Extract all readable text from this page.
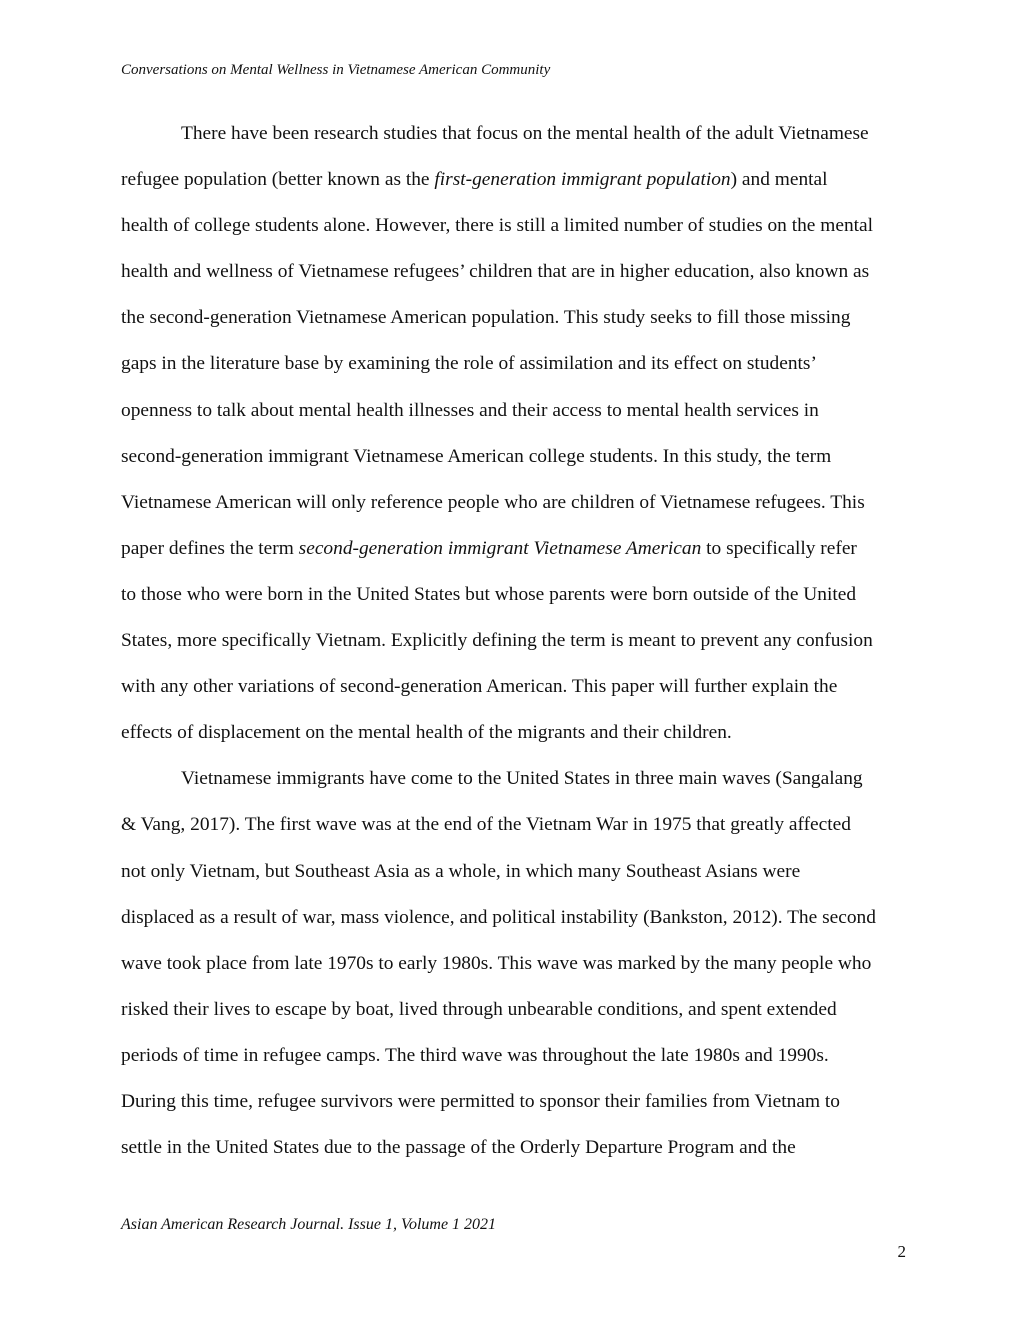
Conversations on Mental Wellness in Vietnamese American Community
There have been research studies that focus on the mental health of the adult Vietnamese
refugee population (better known as the first-generation immigrant population) and mental
health of college students alone. However, there is still a limited number of studies on the mental
health and wellness of Vietnamese refugees’ children that are in higher education, also known as
the second-generation Vietnamese American population. This study seeks to fill those missing
gaps in the literature base by examining the role of assimilation and its effect on students’
openness to talk about mental health illnesses and their access to mental health services in
second-generation immigrant Vietnamese American college students. In this study, the term
Vietnamese American will only reference people who are children of Vietnamese refugees. This
paper defines the term second-generation immigrant Vietnamese American to specifically refer
to those who were born in the United States but whose parents were born outside of the United
States, more specifically Vietnam. Explicitly defining the term is meant to prevent any confusion
with any other variations of second-generation American. This paper will further explain the
effects of displacement on the mental health of the migrants and their children.
Vietnamese immigrants have come to the United States in three main waves (Sangalang
& Vang, 2017). The first wave was at the end of the Vietnam War in 1975 that greatly affected
not only Vietnam, but Southeast Asia as a whole, in which many Southeast Asians were
displaced as a result of war, mass violence, and political instability (Bankston, 2012). The second
wave took place from late 1970s to early 1980s. This wave was marked by the many people who
risked their lives to escape by boat, lived through unbearable conditions, and spent extended
periods of time in refugee camps. The third wave was throughout the late 1980s and 1990s.
During this time, refugee survivors were permitted to sponsor their families from Vietnam to
settle in the United States due to the passage of the Orderly Departure Program and the
Asian American Research Journal. Issue 1, Volume 1 2021
2
